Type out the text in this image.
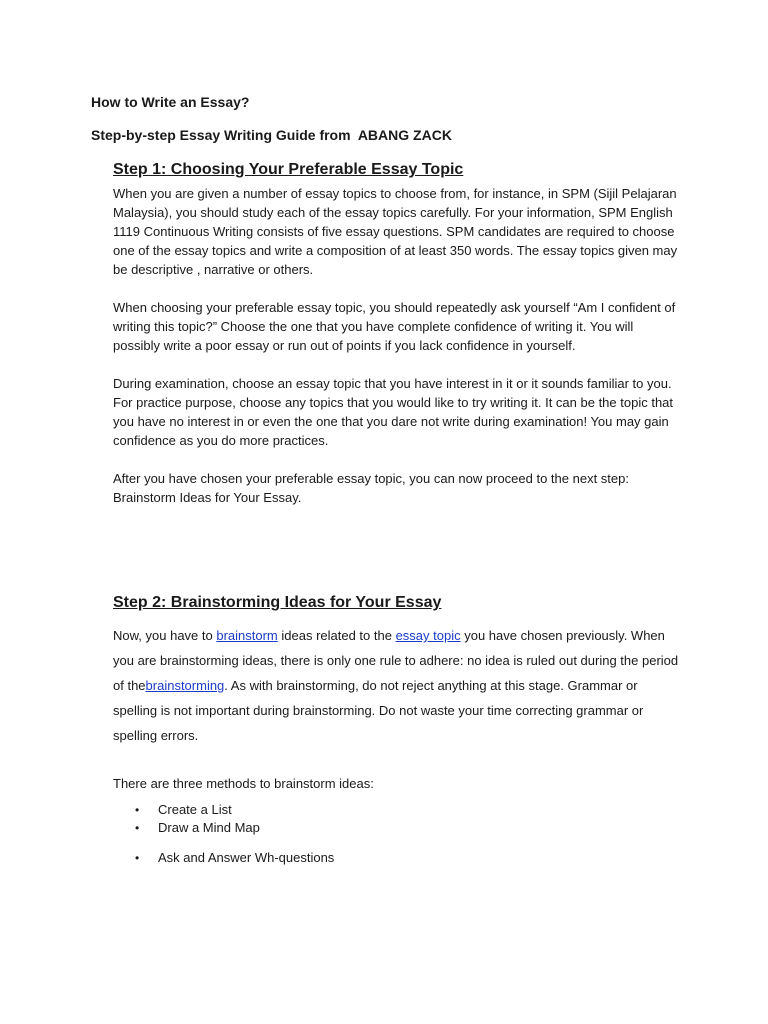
How to Write an Essay?
Step-by-step Essay Writing Guide from  ABANG ZACK
Step 1: Choosing Your Preferable Essay Topic

When you are given a number of essay topics to choose from, for instance, in SPM (Sijil Pelajaran Malaysia), you should study each of the essay topics carefully. For your information, SPM English 1119 Continuous Writing consists of five essay questions. SPM candidates are required to choose one of the essay topics and write a composition of at least 350 words. The essay topics given may be descriptive , narrative or others.

When choosing your preferable essay topic, you should repeatedly ask yourself “Am I confident of writing this topic?” Choose the one that you have complete confidence of writing it. You will possibly write a poor essay or run out of points if you lack confidence in yourself.

During examination, choose an essay topic that you have interest in it or it sounds familiar to you. For practice purpose, choose any topics that you would like to try writing it. It can be the topic that you have no interest in or even the one that you dare not write during examination! You may gain confidence as you do more practices.

After you have chosen your preferable essay topic, you can now proceed to the next step: Brainstorm Ideas for Your Essay.

Step 2: Brainstorming Ideas for Your Essay

Now, you have to brainstorm ideas related to the essay topic you have chosen previously. When you are brainstorming ideas, there is only one rule to adhere: no idea is ruled out during the period of thebrainstorming. As with brainstorming, do not reject anything at this stage. Grammar or spelling is not important during brainstorming. Do not waste your time correcting grammar or spelling errors.

There are three methods to brainstorm ideas:

• Create a List
• Draw a Mind Map
• Ask and Answer Wh-questions
